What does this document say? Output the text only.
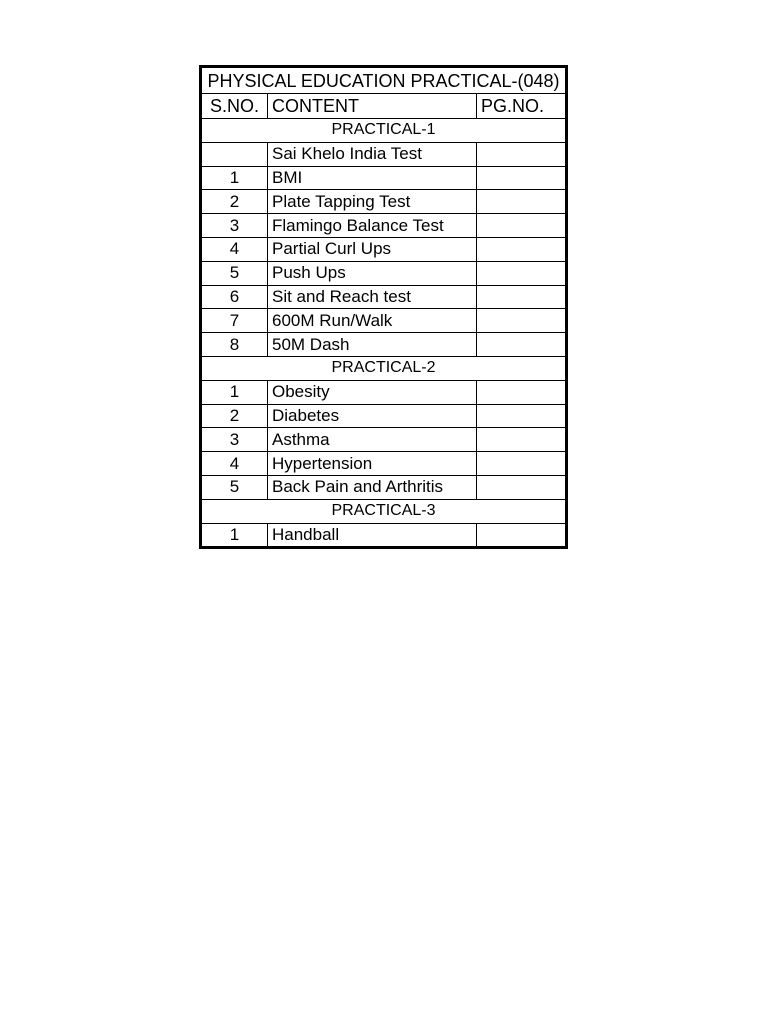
PHYSICAL EDUCATION PRACTICAL-(048)		
S.NO.	CONTENT	PG.NO.
PRACTICAL-1		
	Sai Khelo India Test	
1	BMI	
2	Plate Tapping Test	
3	Flamingo Balance Test	
4	Partial Curl Ups	
5	Push Ups	
6	Sit and Reach test	
7	600M Run/Walk	
8	50M Dash	
PRACTICAL-2		
1	Obesity	
2	Diabetes	
3	Asthma	
4	Hypertension	
5	Back Pain and Arthritis	
PRACTICAL-3		
1	Handball	
